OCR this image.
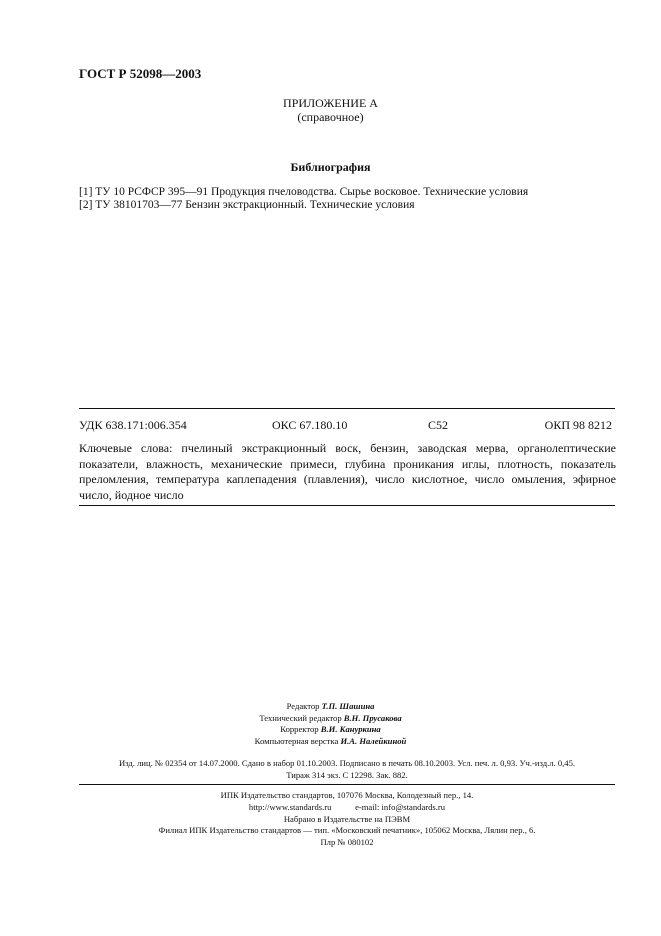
ГОСТ Р 52098—2003
ПРИЛОЖЕНИЕ А
(справочное)
Библиография
[1] ТУ 10 РСФСР 395—91 Продукция пчеловодства. Сырье восковое. Технические условия
[2] ТУ 38101703—77 Бензин экстракционный. Технические условия
УДК 638.171:006.354	ОКС 67.180.10	С52	ОКП 98 8212
Ключевые слова: пчелиный экстракционный воск, бензин, заводская мерва, органолептические показатели, влажность, механические примеси, глубина проникания иглы, плотность, показатель преломления, температура каплепадения (плавления), число кислотное, число омыления, эфирное число, йодное число
Редактор Т.П. Шашина
Технический редактор В.Н. Прусакова
Корректор В.И. Кануркина
Компьютерная верстка И.А. Налейкиной
Изд. лиц. № 02354 от 14.07.2000. Сдано в набор 01.10.2003. Подписано в печать 08.10.2003. Усл. печ. л. 0,93. Уч.-изд.л. 0,45.
Тираж 314 экз. С 12298. Зак. 882.
ИПК Издательство стандартов, 107076 Москва, Колодезный пер., 14.
http://www.standards.ru	e-mail: info@standards.ru
Набрано в Издательстве на ПЭВМ
Филиал ИПК Издательство стандартов — тип. «Московский печатник», 105062 Москва, Лялин пер., 6.
Плр № 080102
